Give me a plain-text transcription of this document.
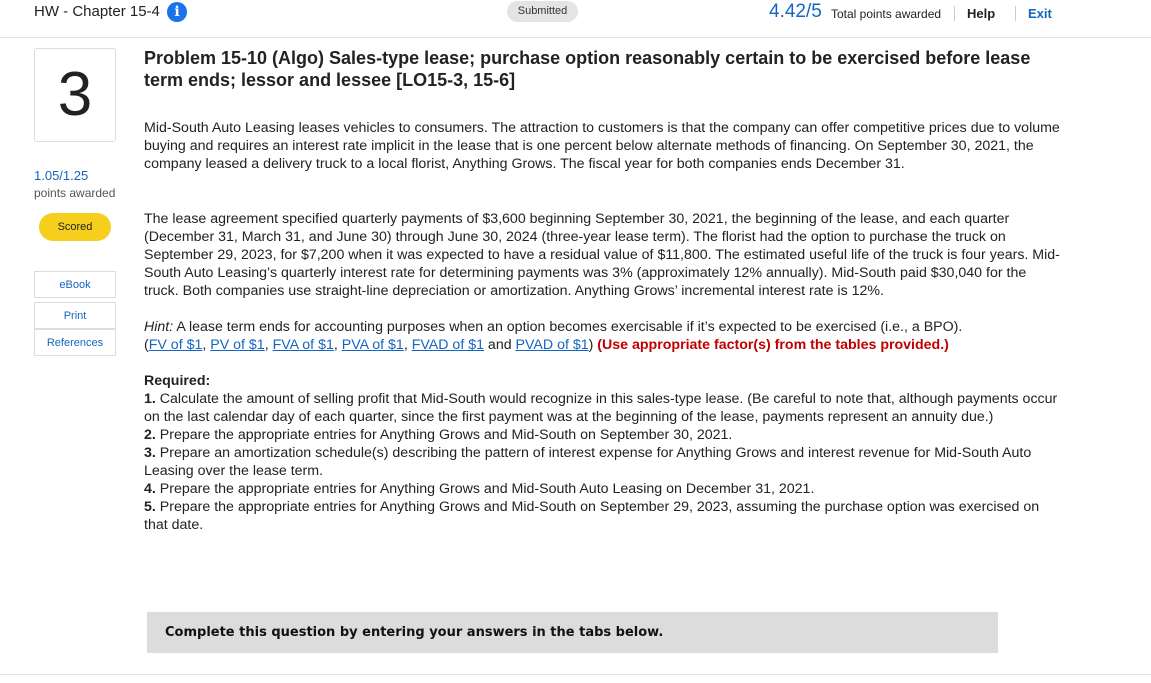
HW - Chapter 15-4	i	Submitted	4.42/5 Total points awarded	Help	Exit
3
1.05/1.25
points awarded
Scored
eBook
Print
References
Problem 15-10 (Algo) Sales-type lease; purchase option reasonably certain to be exercised before lease term ends; lessor and lessee [LO15-3, 15-6]

Mid-South Auto Leasing leases vehicles to consumers. The attraction to customers is that the company can offer competitive prices due to volume buying and requires an interest rate implicit in the lease that is one percent below alternate methods of financing. On September 30, 2021, the company leased a delivery truck to a local florist, Anything Grows. The fiscal year for both companies ends December 31.

The lease agreement specified quarterly payments of $3,600 beginning September 30, 2021, the beginning of the lease, and each quarter (December 31, March 31, and June 30) through June 30, 2024 (three-year lease term). The florist had the option to purchase the truck on September 29, 2023, for $7,200 when it was expected to have a residual value of $11,800. The estimated useful life of the truck is four years. Mid-South Auto Leasing’s quarterly interest rate for determining payments was 3% (approximately 12% annually). Mid-South paid $30,040 for the truck. Both companies use straight-line depreciation or amortization. Anything Grows’ incremental interest rate is 12%.

Hint: A lease term ends for accounting purposes when an option becomes exercisable if it’s expected to be exercised (i.e., a BPO).
(FV of $1, PV of $1, FVA of $1, PVA of $1, FVAD of $1 and PVAD of $1) (Use appropriate factor(s) from the tables provided.)

Required:
1. Calculate the amount of selling profit that Mid-South would recognize in this sales-type lease. (Be careful to note that, although payments occur on the last calendar day of each quarter, since the first payment was at the beginning of the lease, payments represent an annuity due.)
2. Prepare the appropriate entries for Anything Grows and Mid-South on September 30, 2021.
3. Prepare an amortization schedule(s) describing the pattern of interest expense for Anything Grows and interest revenue for Mid-South Auto Leasing over the lease term.
4. Prepare the appropriate entries for Anything Grows and Mid-South Auto Leasing on December 31, 2021.
5. Prepare the appropriate entries for Anything Grows and Mid-South on September 29, 2023, assuming the purchase option was exercised on that date.
Complete this question by entering your answers in the tabs below.
